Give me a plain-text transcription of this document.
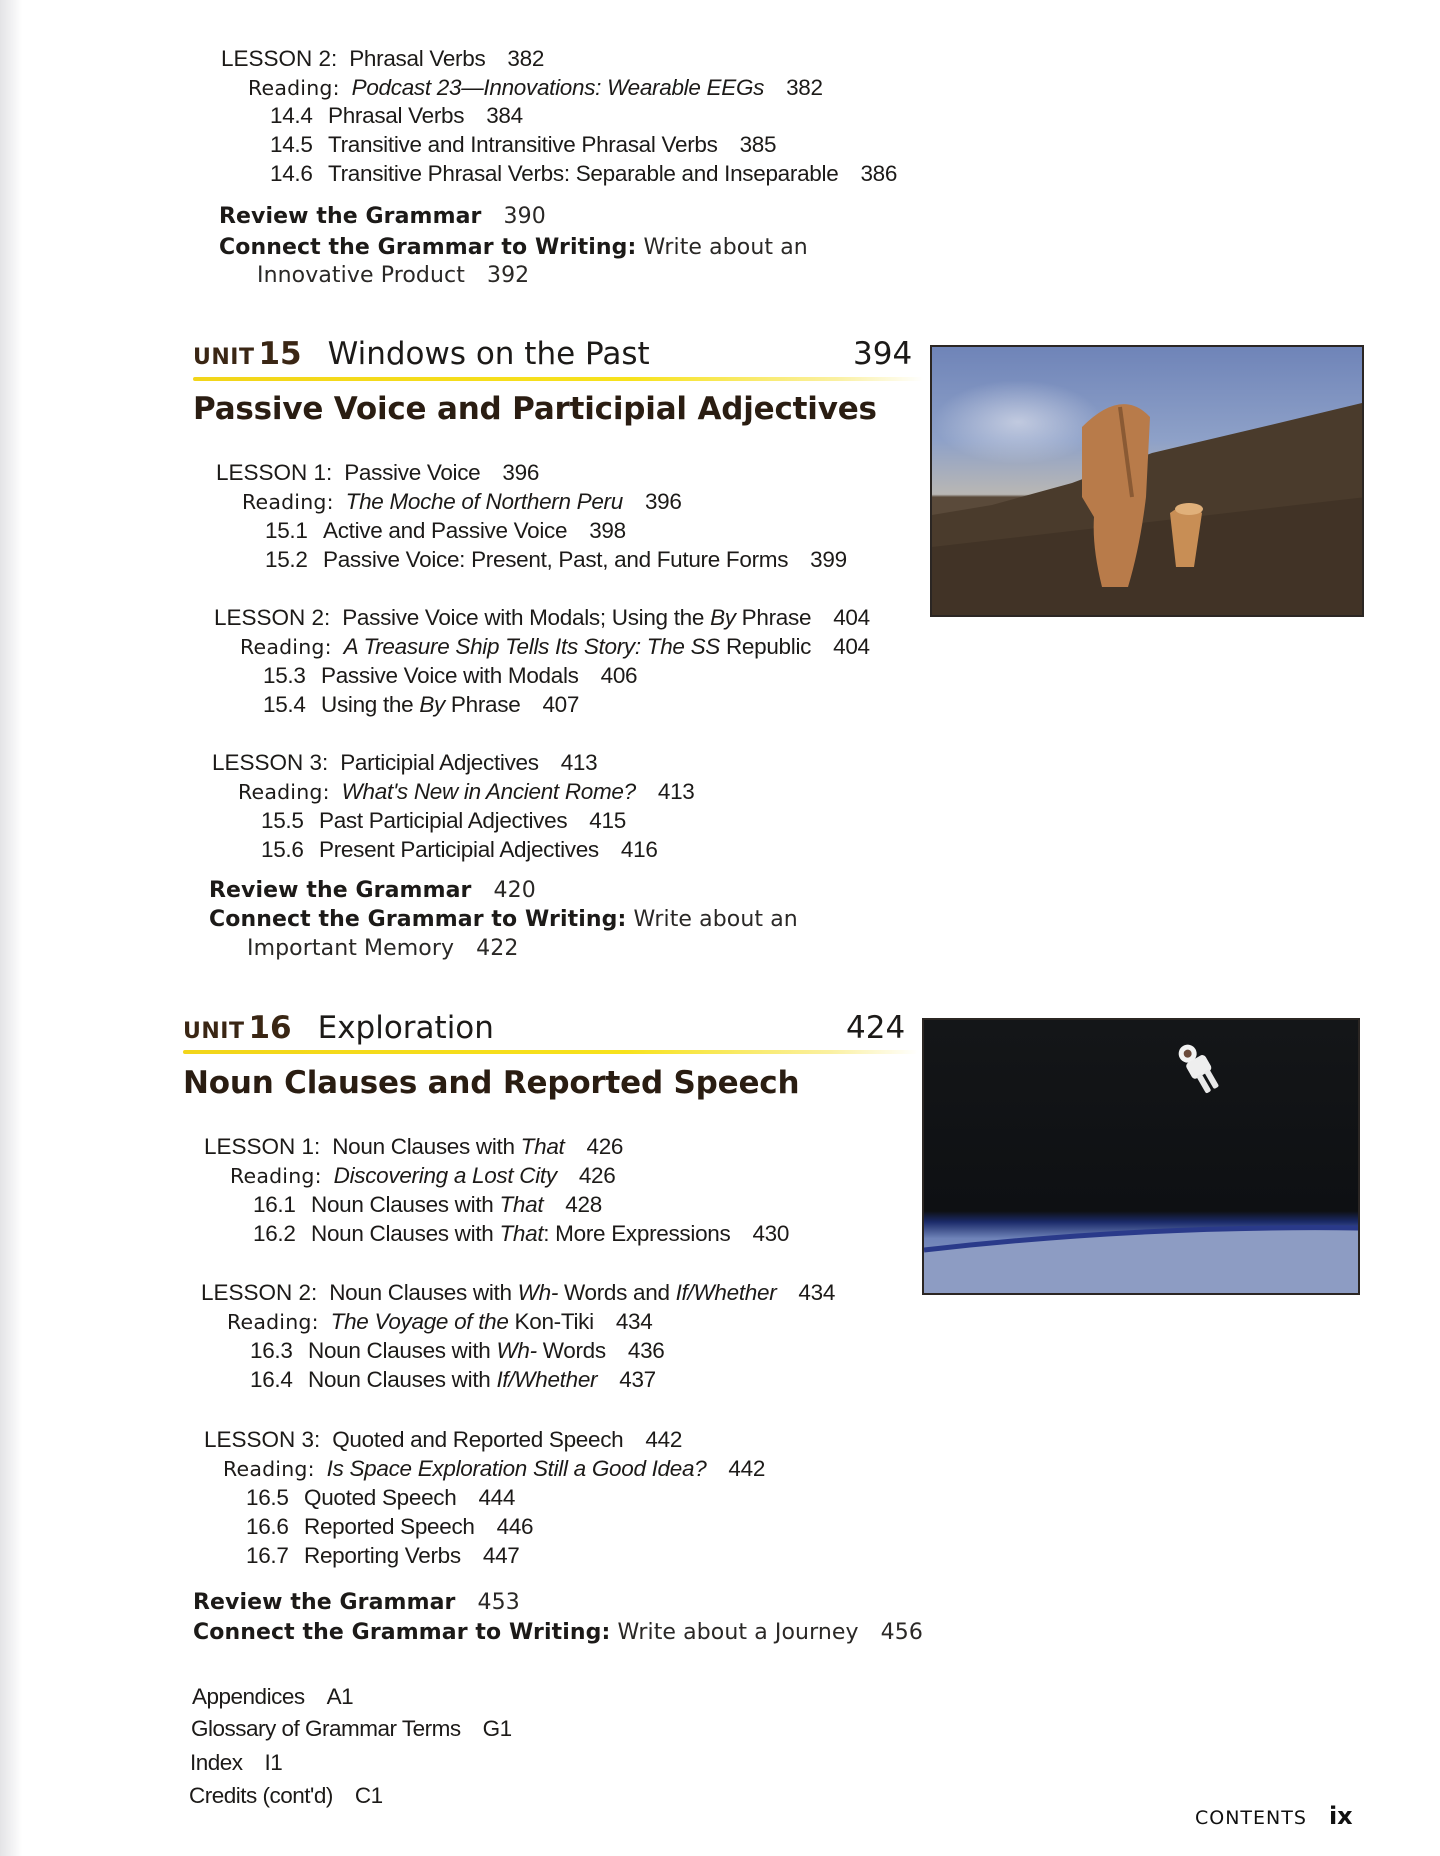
LESSON 2: Phrasal Verbs 382
Reading: Podcast 23—Innovations: Wearable EEGs 382
14.4 Phrasal Verbs 384
14.5 Transitive and Intransitive Phrasal Verbs 385
14.6 Transitive Phrasal Verbs: Separable and Inseparable 386
Review the Grammar 390
Connect the Grammar to Writing: Write about an
Innovative Product 392
UNIT 15 Windows on the Past	394
Passive Voice and Participial Adjectives
LESSON 1: Passive Voice 396
Reading: The Moche of Northern Peru 396
15.1 Active and Passive Voice 398
15.2 Passive Voice: Present, Past, and Future Forms 399
LESSON 2: Passive Voice with Modals; Using the By Phrase 404
Reading: A Treasure Ship Tells Its Story: The SS Republic 404
15.3 Passive Voice with Modals 406
15.4 Using the By Phrase 407
LESSON 3: Participial Adjectives 413
Reading: What's New in Ancient Rome? 413
15.5 Past Participial Adjectives 415
15.6 Present Participial Adjectives 416
Review the Grammar 420
Connect the Grammar to Writing: Write about an
Important Memory 422
UNIT 16 Exploration	424
Noun Clauses and Reported Speech
LESSON 1: Noun Clauses with That 426
Reading: Discovering a Lost City 426
16.1 Noun Clauses with That 428
16.2 Noun Clauses with That: More Expressions 430
LESSON 2: Noun Clauses with Wh- Words and If/Whether 434
Reading: The Voyage of the Kon-Tiki 434
16.3 Noun Clauses with Wh- Words 436
16.4 Noun Clauses with If/Whether 437
LESSON 3: Quoted and Reported Speech 442
Reading: Is Space Exploration Still a Good Idea? 442
16.5 Quoted Speech 444
16.6 Reported Speech 446
16.7 Reporting Verbs 447
Review the Grammar 453
Connect the Grammar to Writing: Write about a Journey 456
Appendices A1
Glossary of Grammar Terms G1
Index I1
Credits (cont'd) C1
CONTENTS ix
